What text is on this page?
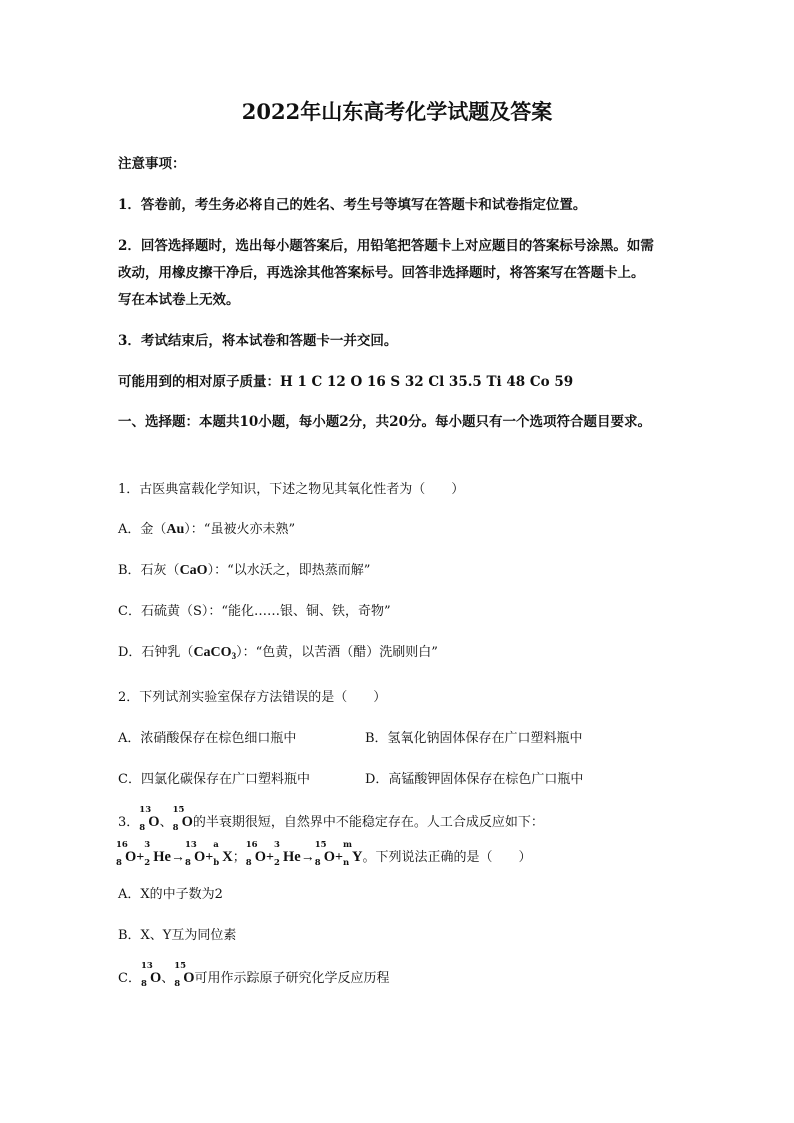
2022年山东高考化学试题及答案
注意事项：
1．答卷前，考生务必将自己的姓名、考生号等填写在答题卡和试卷指定位置。
2．回答选择题时，选出每小题答案后，用铅笔把答题卡上对应题目的答案标号涂黑。如需
改动，用橡皮擦干净后，再选涂其他答案标号。回答非选择题时，将答案写在答题卡上。
写在本试卷上无效。
3．考试结束后，将本试卷和答题卡一并交回。
可能用到的相对原子质量：H 1 C 12 O 16 S 32 Cl 35.5 Ti 48 Co 59
一、选择题：本题共10小题，每小题2分，共20分。每小题只有一个选项符合题目要求。
1．古医典富载化学知识，下述之物见其氧化性者为（　　）
A．金（Au）：“虽被火亦未熟”
B．石灰（CaO）：“以水沃之，即热蒸而解”
C．石硫黄（S）：“能化……银、铜、铁，奇物”
D．石钟乳（CaCO$_3$）：“色黄，以苦酒（醋）洗刷则白”
2．下列试剂实验室保存方法错误的是（　　）
A．浓硝酸保存在棕色细口瓶中	B．氢氧化钠固体保存在广口塑料瓶中
C．四氯化碳保存在广口塑料瓶中	D．高锰酸钾固体保存在棕色广口瓶中
3．
13
8 O、
15
8 O的半衰期很短，自然界中不能稳定存在。人工合成反应如下：
16
8 O+
3
2 He→
13
8 O+
a
b X；
16
8 O+
3
2 He→
15
8 O+
m
n Y。下列说法正确的是（　　）
A．X的中子数为2
B．X、Y互为同位素
C．
13
8 O、
15
8 O可用作示踪原子研究化学反应历程
